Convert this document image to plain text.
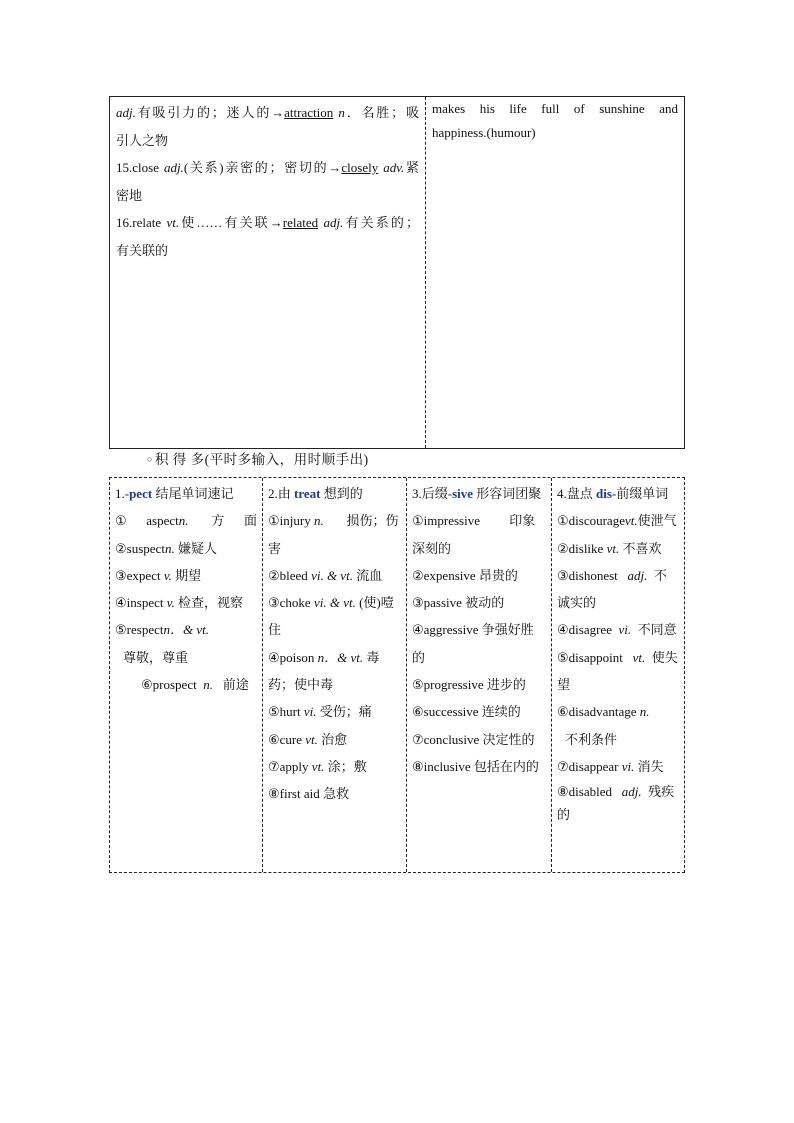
adj.有吸引力的；迷人的→attraction n．名胜；吸
引人之物
15.close adj.(关系)亲密的；密切的→closely adv.紧
密地
16.relate vt.使……有关联→related adj.有关系的；
有关联的
makes his life full of sunshine and
happiness.(humour)
○ 积 得 多(平时多输入，用时顺手出)
1.-pect 结尾单词速记
①aspectn. 方面
②suspectn. 嫌疑人
③expect v. 期望
④inspect v. 检查，视察
⑤respectn．& vt.
尊敬，尊重
⑥prospect n. 前途
2.由 treat 想到的
①injury n. 损伤；伤害
②bleed vi. & vt. 流血
③choke vi. & vt. (使)噎住
④poison n．& vt. 毒药；使中毒
⑤hurt vi. 受伤；痛
⑥cure vt. 治愈
⑦apply vt. 涂；敷
⑧first aid 急救
3.后缀-sive 形容词团聚
①impressive 印象深刻的
②expensive 昂贵的
③passive 被动的
④aggressive 争强好胜的
⑤progressive 进步的
⑥successive 连续的
⑦conclusive 决定性的
⑧inclusive 包括在内的
4.盘点 dis-前缀单词
①discouragevt.使泄气
②dislike vt. 不喜欢
③dishonest adj. 不诚实的
④disagree vi. 不同意
⑤disappoint vt. 使失望
⑥disadvantage n.
不利条件
⑦disappear vi. 消失
⑧disabled adj. 残疾的
